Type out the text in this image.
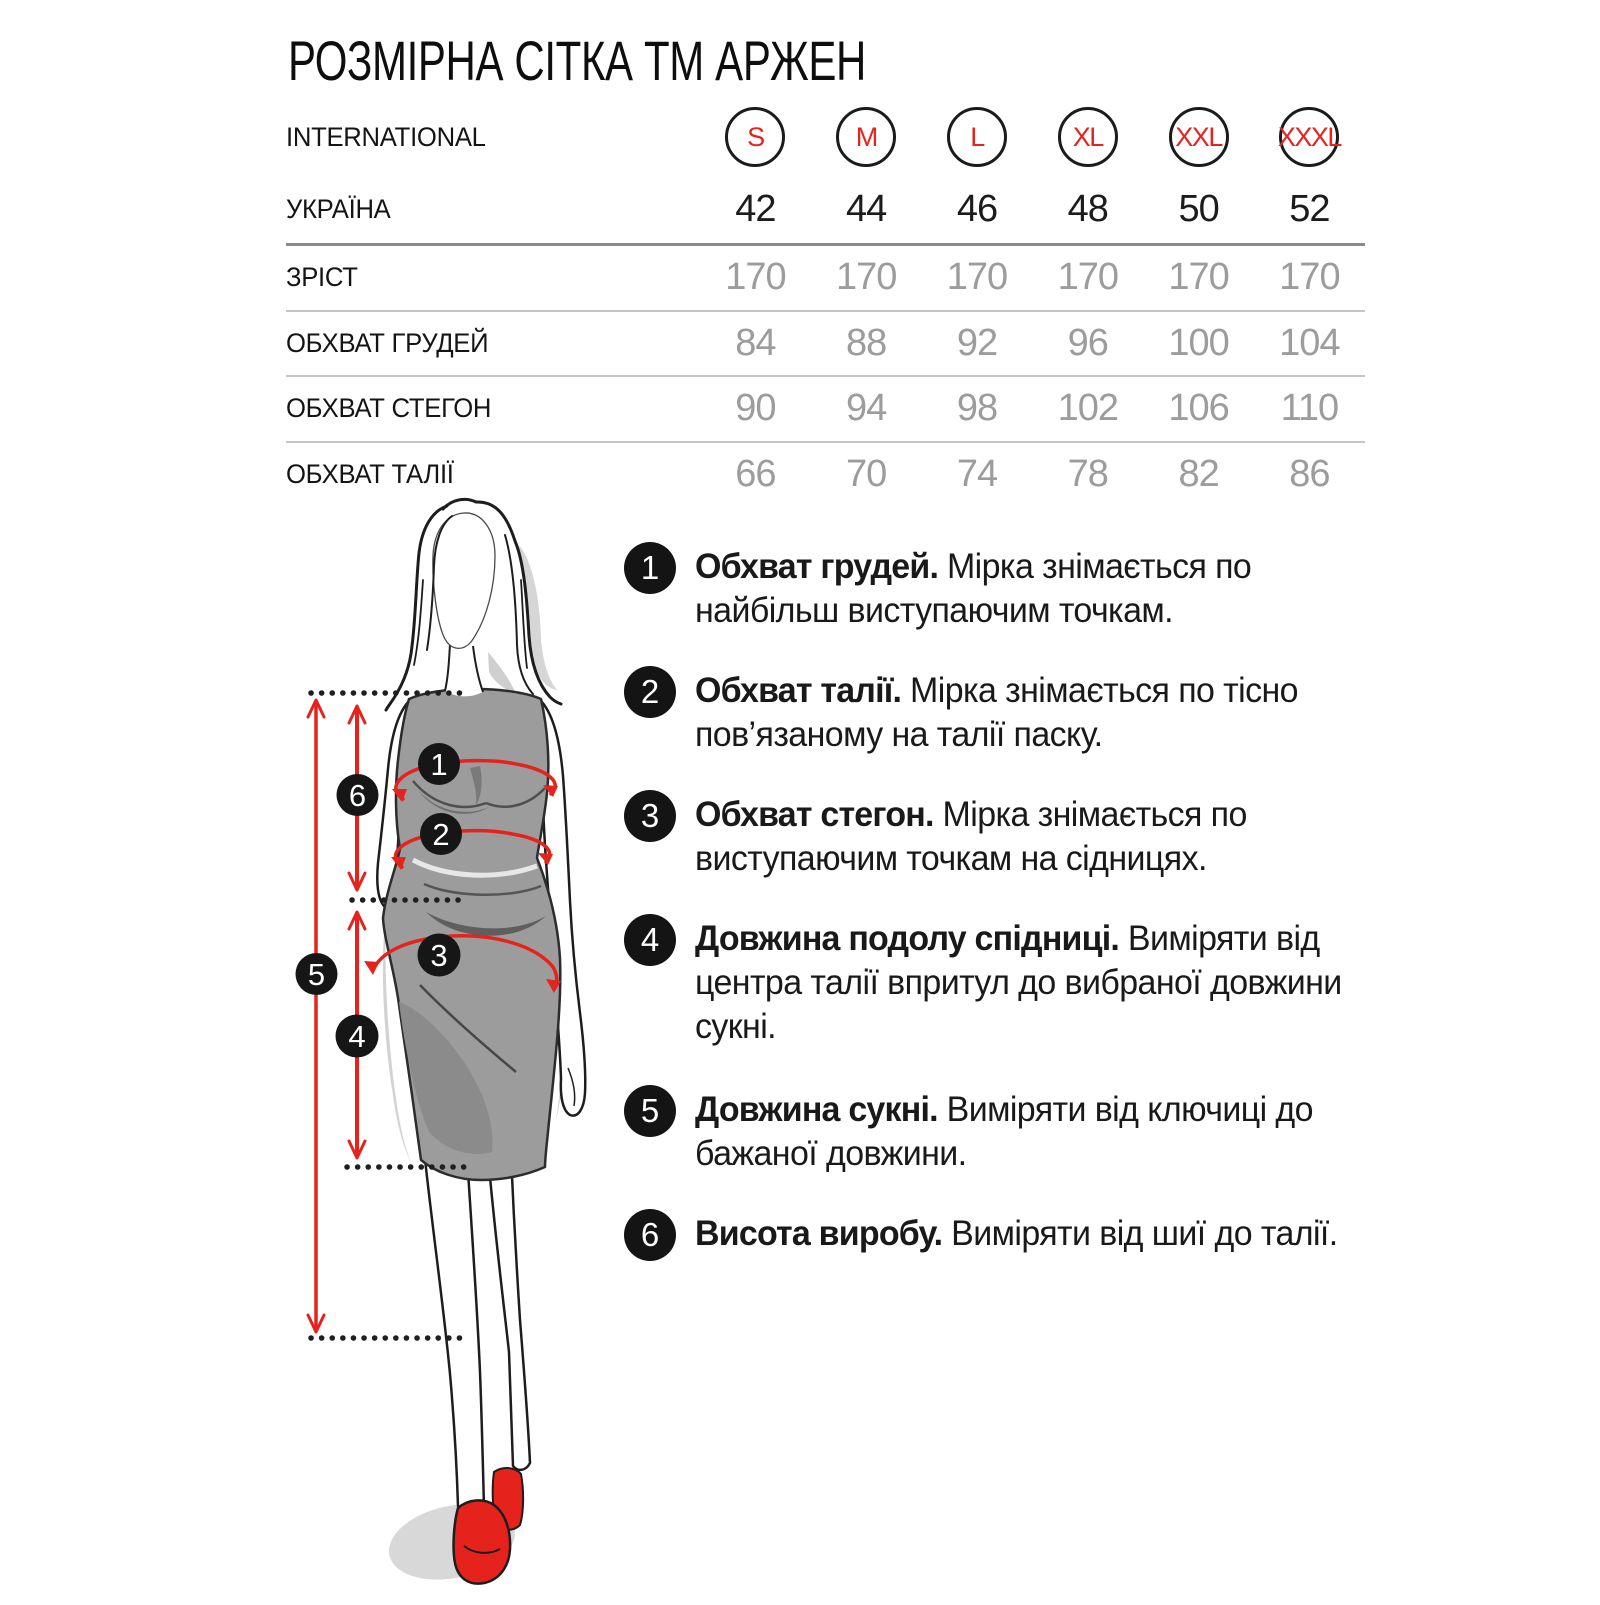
РОЗМІРНА СІТКА ТМ АРЖЕН
INTERNATIONAL	S	M	L	XL	XXL	XXXL
УКРАЇНА	42	44	46	48	50	52
ЗРІСТ	170	170	170	170	170	170
ОБХВАТ ГРУДЕЙ	84	88	92	96	100	104
ОБХВАТ СТЕГОН	90	94	98	102	106	110
ОБХВАТ ТАЛІЇ	66	70	74	78	82	86
1	Обхват грудей. Мірка знімається по найбільш виступаючим точкам.

2	Обхват талії. Мірка знімається по тісно пов’язаному на талії паску.

3	Обхват стегон. Мірка знімається по виступаючим точкам на сідницях.

4	Довжина подолу спідниці. Виміряти від центра талії впритул до вибраної довжини сукні.

5	Довжина сукні. Виміряти від ключиці до бажаної довжини.

6	Висота виробу. Виміряти від шиї до талії.

1
2
3
4
5
6
